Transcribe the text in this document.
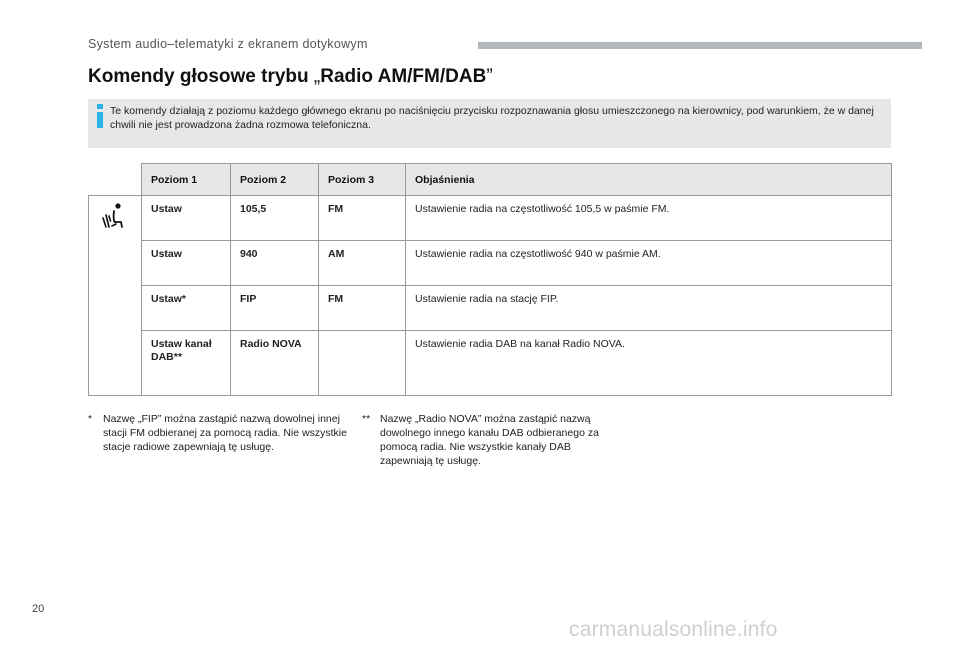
System audio–telematyki z ekranem dotykowym
Komendy głosowe trybu „Radio AM/FM/DAB”
Te komendy działają z poziomu każdego głównego ekranu po naciśnięciu przycisku rozpoznawania głosu umieszczonego na kierownicy, pod warunkiem, że w danej chwili nie jest prowadzona żadna rozmowa telefoniczna.
	Poziom 1	Poziom 2	Poziom 3	Objaśnienia
	Ustaw	105,5	FM	Ustawienie radia na częstotliwość 105,5 w paśmie FM.
	Ustaw	940	AM	Ustawienie radia na częstotliwość 940 w paśmie AM.
	Ustaw*	FIP	FM	Ustawienie radia na stację FIP.
	Ustaw kanał DAB**	Radio NOVA		Ustawienie radia DAB na kanał Radio NOVA.
* Nazwę „FIP” można zastąpić nazwą dowolnej innej stacji FM odbieranej za pomocą radia. Nie wszystkie stacje radiowe zapewniają tę usługę.
** Nazwę „Radio NOVA” można zastąpić nazwą dowolnego innego kanału DAB odbieranego za pomocą radia. Nie wszystkie kanały DAB zapewniają tę usługę.
20
carmanualsonline.info
